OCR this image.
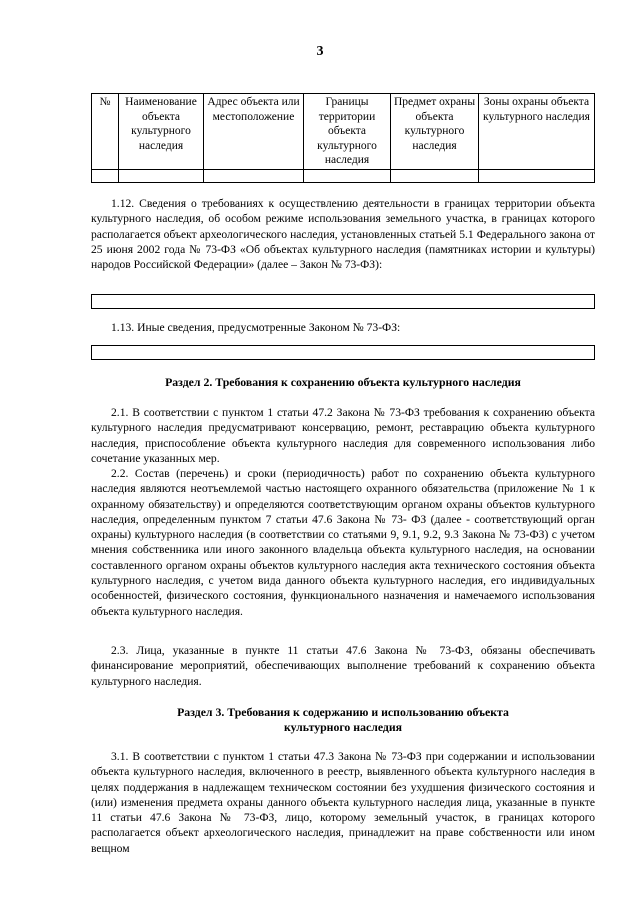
3
№	Наименование объекта культурного наследия	Адрес объекта или местоположение	Границы территории объекта культурного наследия	Предмет охраны объекта культурного наследия	Зоны охраны объекта культурного наследия

1.12. Сведения о требованиях к осуществлению деятельности в границах территории объекта культурного наследия, об особом режиме использования земельного участка, в границах которого располагается объект археологического наследия, установленных статьей 5.1 Федерального закона от 25 июня 2002 года № 73-ФЗ «Об объектах культурного наследия (памятниках истории и культуры) народов Российской Федерации» (далее – Закон № 73-ФЗ):

1.13. Иные сведения, предусмотренные Законом № 73-ФЗ:

Раздел 2. Требования к сохранению объекта культурного наследия

2.1. В соответствии с пунктом 1 статьи 47.2 Закона № 73-ФЗ требования к сохранению объекта культурного наследия предусматривают консервацию, ремонт, реставрацию объекта культурного наследия, приспособление объекта культурного наследия для современного использования либо сочетание указанных мер.

2.2. Состав (перечень) и сроки (периодичность) работ по сохранению объекта культурного наследия являются неотъемлемой частью настоящего охранного обязательства (приложение № 1 к охранному обязательству) и определяются соответствующим органом охраны объектов культурного наследия, определенным пунктом 7 статьи 47.6 Закона № 73- ФЗ (далее - соответствующий орган охраны) культурного наследия (в соответствии со статьями 9, 9.1, 9.2, 9.3 Закона № 73-ФЗ) с учетом мнения собственника или иного законного владельца объекта культурного наследия, на основании составленного органом охраны объектов культурного наследия акта технического состояния объекта культурного наследия, с учетом вида данного объекта культурного наследия, его индивидуальных особенностей, физического состояния, функционального назначения и намечаемого использования объекта культурного наследия.

2.3. Лица, указанные в пункте 11 статьи 47.6 Закона № 73-ФЗ, обязаны обеспечивать финансирование мероприятий, обеспечивающих выполнение требований к сохранению объекта культурного наследия.

Раздел 3. Требования к содержанию и использованию объекта
культурного наследия

3.1. В соответствии с пунктом 1 статьи 47.3 Закона № 73-ФЗ при содержании и использовании объекта культурного наследия, включенного в реестр, выявленного объекта культурного наследия в целях поддержания в надлежащем техническом состоянии без ухудшения физического состояния и (или) изменения предмета охраны данного объекта культурного наследия лица, указанные в пункте 11 статьи 47.6 Закона № 73-ФЗ, лицо, которому земельный участок, в границах которого располагается объект археологического наследия, принадлежит на праве собственности или ином вещном
